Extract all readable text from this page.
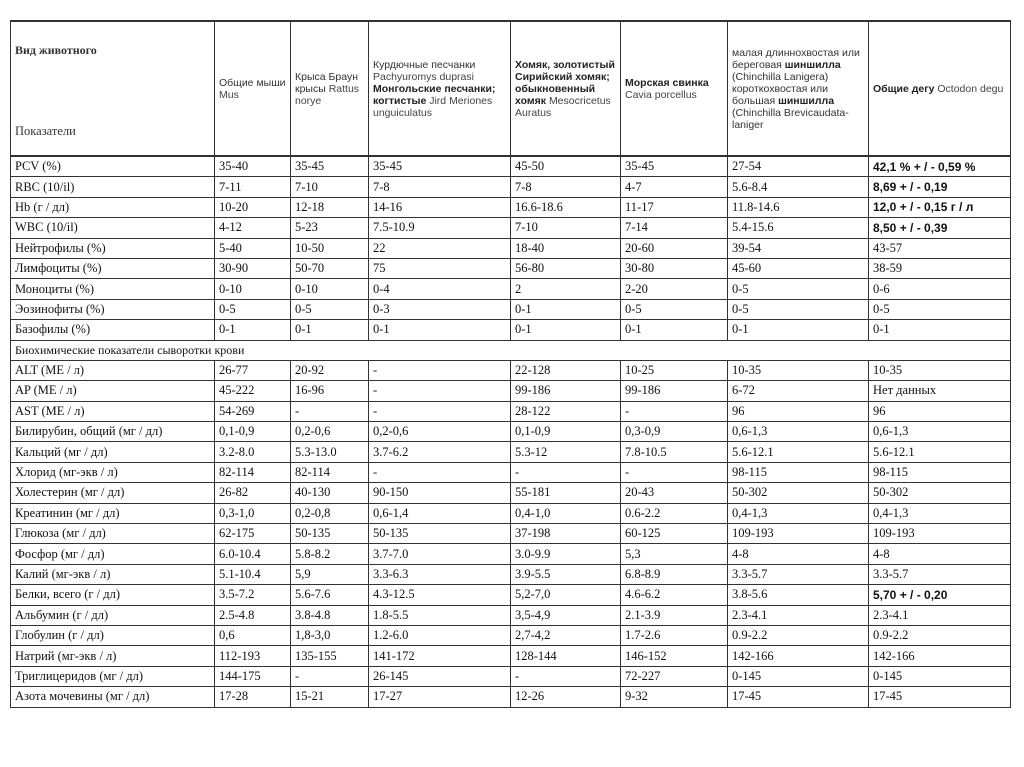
Вид животного
Показатели	Общие мыши Mus	Крыса Браун крысы Rattus norye	Курдючные песчанки Pachyuromys duprasi Монгольские песчанки; когтистые Jird Meriones unguiculatus	Хомяк, золотистый Сирийский хомяк; обыкновенный хомяк Mesocricetus Auratus	Морская свинка Cavia porcellus	малая длиннохвостая или береговая шиншилла (Chinchilla Lanigera) короткохвостая или большая шиншилла (Chinchilla Brevicaudata-laniger	Общие дегу Octodon degu
PCV (%)	35-40	35-45	35-45	45-50	35-45	27-54	42,1 % + / - 0,59 %
RBC (10/il)	7-11	7-10	7-8	7-8	4-7	5.6-8.4	8,69 + / - 0,19
Hb (г / дл)	10-20	12-18	14-16	16.6-18.6	11-17	11.8-14.6	12,0 + / - 0,15 г / л
WBC (10/il)	4-12	5-23	7.5-10.9	7-10	7-14	5.4-15.6	8,50 + / - 0,39
Нейтрофилы (%)	5-40	10-50	22	18-40	20-60	39-54	43-57
Лимфоциты (%)	30-90	50-70	75	56-80	30-80	45-60	38-59
Моноциты (%)	0-10	0-10	0-4	2	2-20	0-5	0-6
Эозинофиты (%)	0-5	0-5	0-3	0-1	0-5	0-5	0-5
Базофилы (%)	0-1	0-1	0-1	0-1	0-1	0-1	0-1
Биохимические показатели сыворотки крови							
ALT (МЕ / л)	26-77	20-92	-	22-128	10-25	10-35	10-35
AP (МЕ / л)	45-222	16-96	-	99-186	99-186	6-72	Нет данных
AST (МЕ / л)	54-269	-	-	28-122	-	96	96
Билирубин, общий (мг / дл)	0,1-0,9	0,2-0,6	0,2-0,6	0,1-0,9	0,3-0,9	0,6-1,3	0,6-1,3
Кальций (мг / дл)	3.2-8.0	5.3-13.0	3.7-6.2	5.3-12	7.8-10.5	5.6-12.1	5.6-12.1
Хлорид (мг-экв / л)	82-114	82-114	-	-	-	98-115	98-115
Холестерин (мг / дл)	26-82	40-130	90-150	55-181	20-43	50-302	50-302
Креатинин (мг / дл)	0,3-1,0	0,2-0,8	0,6-1,4	0,4-1,0	0.6-2.2	0,4-1,3	0,4-1,3
Глюкоза (мг / дл)	62-175	50-135	50-135	37-198	60-125	109-193	109-193
Фосфор (мг / дл)	6.0-10.4	5.8-8.2	3.7-7.0	3.0-9.9	5,3	4-8	4-8
Калий (мг-экв / л)	5.1-10.4	5,9	3.3-6.3	3.9-5.5	6.8-8.9	3.3-5.7	3.3-5.7
Белки, всего (г / дл)	3.5-7.2	5.6-7.6	4.3-12.5	5,2-7,0	4.6-6.2	3.8-5.6	5,70 + / - 0,20
Альбумин (г / дл)	2.5-4.8	3.8-4.8	1.8-5.5	3,5-4,9	2.1-3.9	2.3-4.1	2.3-4.1
Глобулин (г / дл)	0,6	1,8-3,0	1.2-6.0	2,7-4,2	1.7-2.6	0.9-2.2	0.9-2.2
Натрий (мг-экв / л)	112-193	135-155	141-172	128-144	146-152	142-166	142-166
Триглицеридов (мг / дл)	144-175	-	26-145	-	72-227	0-145	0-145
Азота мочевины (мг / дл)	17-28	15-21	17-27	12-26	9-32	17-45	17-45
